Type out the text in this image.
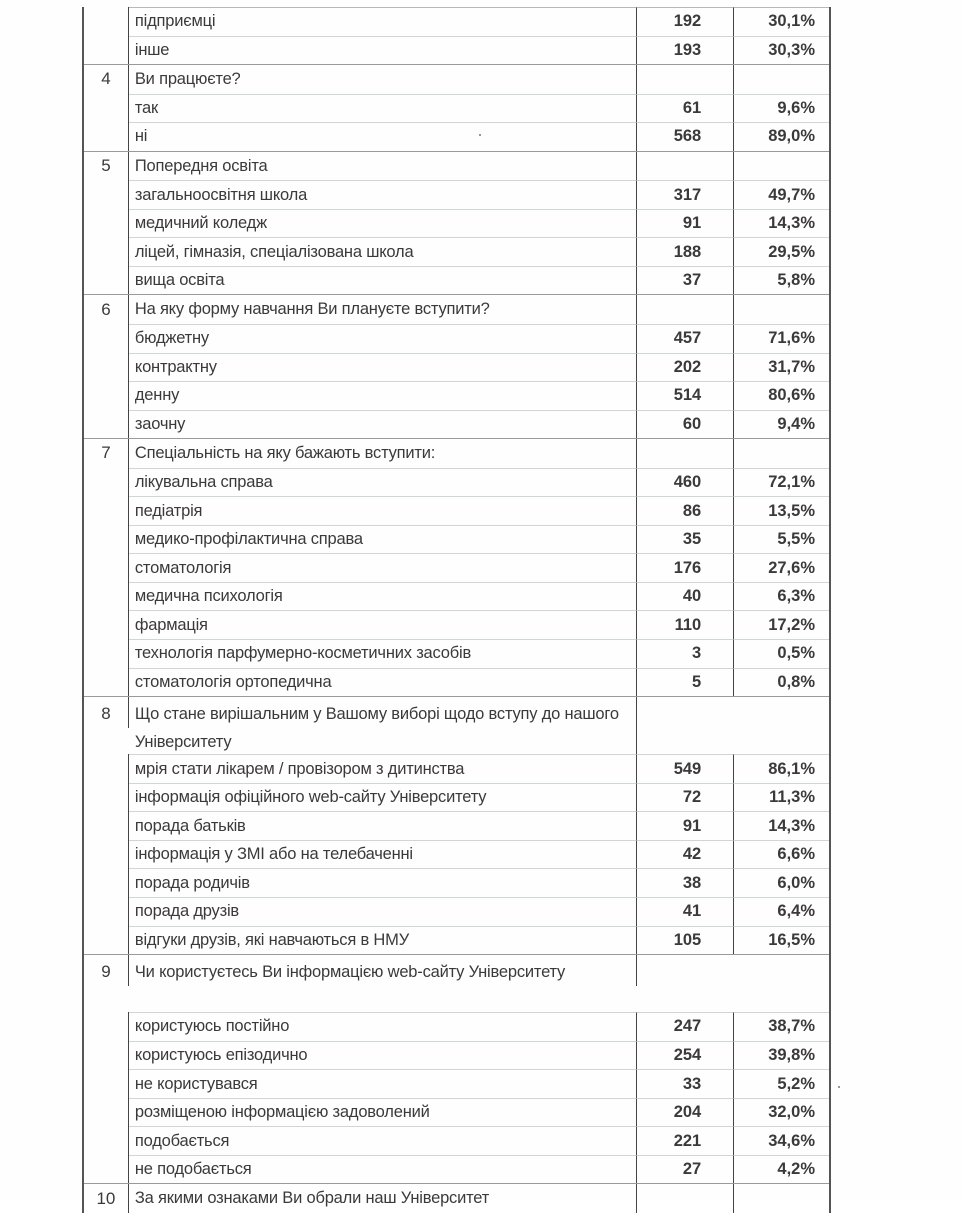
підприємці	192	30,1%
інше	193	30,3%
4	Ви працюєте?
так	61	9,6%
ні	568	89,0%
5	Попередня освіта
загальноосвітня школа	317	49,7%
медичний коледж	91	14,3%
ліцей, гімназія, спеціалізована школа	188	29,5%
вища освіта	37	5,8%
6	На яку форму навчання Ви плануєте вступити?
бюджетну	457	71,6%
контрактну	202	31,7%
денну	514	80,6%
заочну	60	9,4%
7	Спеціальність на яку бажають вступити:
лікувальна справа	460	72,1%
педіатрія	86	13,5%
медико-профілактична справа	35	5,5%
стоматологія	176	27,6%
медична психологія	40	6,3%
фармація	110	17,2%
технологія парфумерно-косметичних засобів	3	0,5%
стоматологія ортопедична	5	0,8%
8	Що стане вирішальним у Вашому виборі щодо вступу до нашого Університету
мрія стати лікарем / провізором з дитинства	549	86,1%
інформація офіційного web-сайту Університету	72	11,3%
порада батьків	91	14,3%
інформація у ЗМІ або на телебаченні	42	6,6%
порада родичів	38	6,0%
порада друзів	41	6,4%
відгуки друзів, які навчаються в НМУ	105	16,5%
9	Чи користуєтесь Ви інформацією web-сайту Університету
користуюсь постійно	247	38,7%
користуюсь епізодично	254	39,8%
не користувався	33	5,2%
розміщеною інформацією задоволений	204	32,0%
подобається	221	34,6%
не подобається	27	4,2%
10	За якими ознаками Ви обрали наш Університет
